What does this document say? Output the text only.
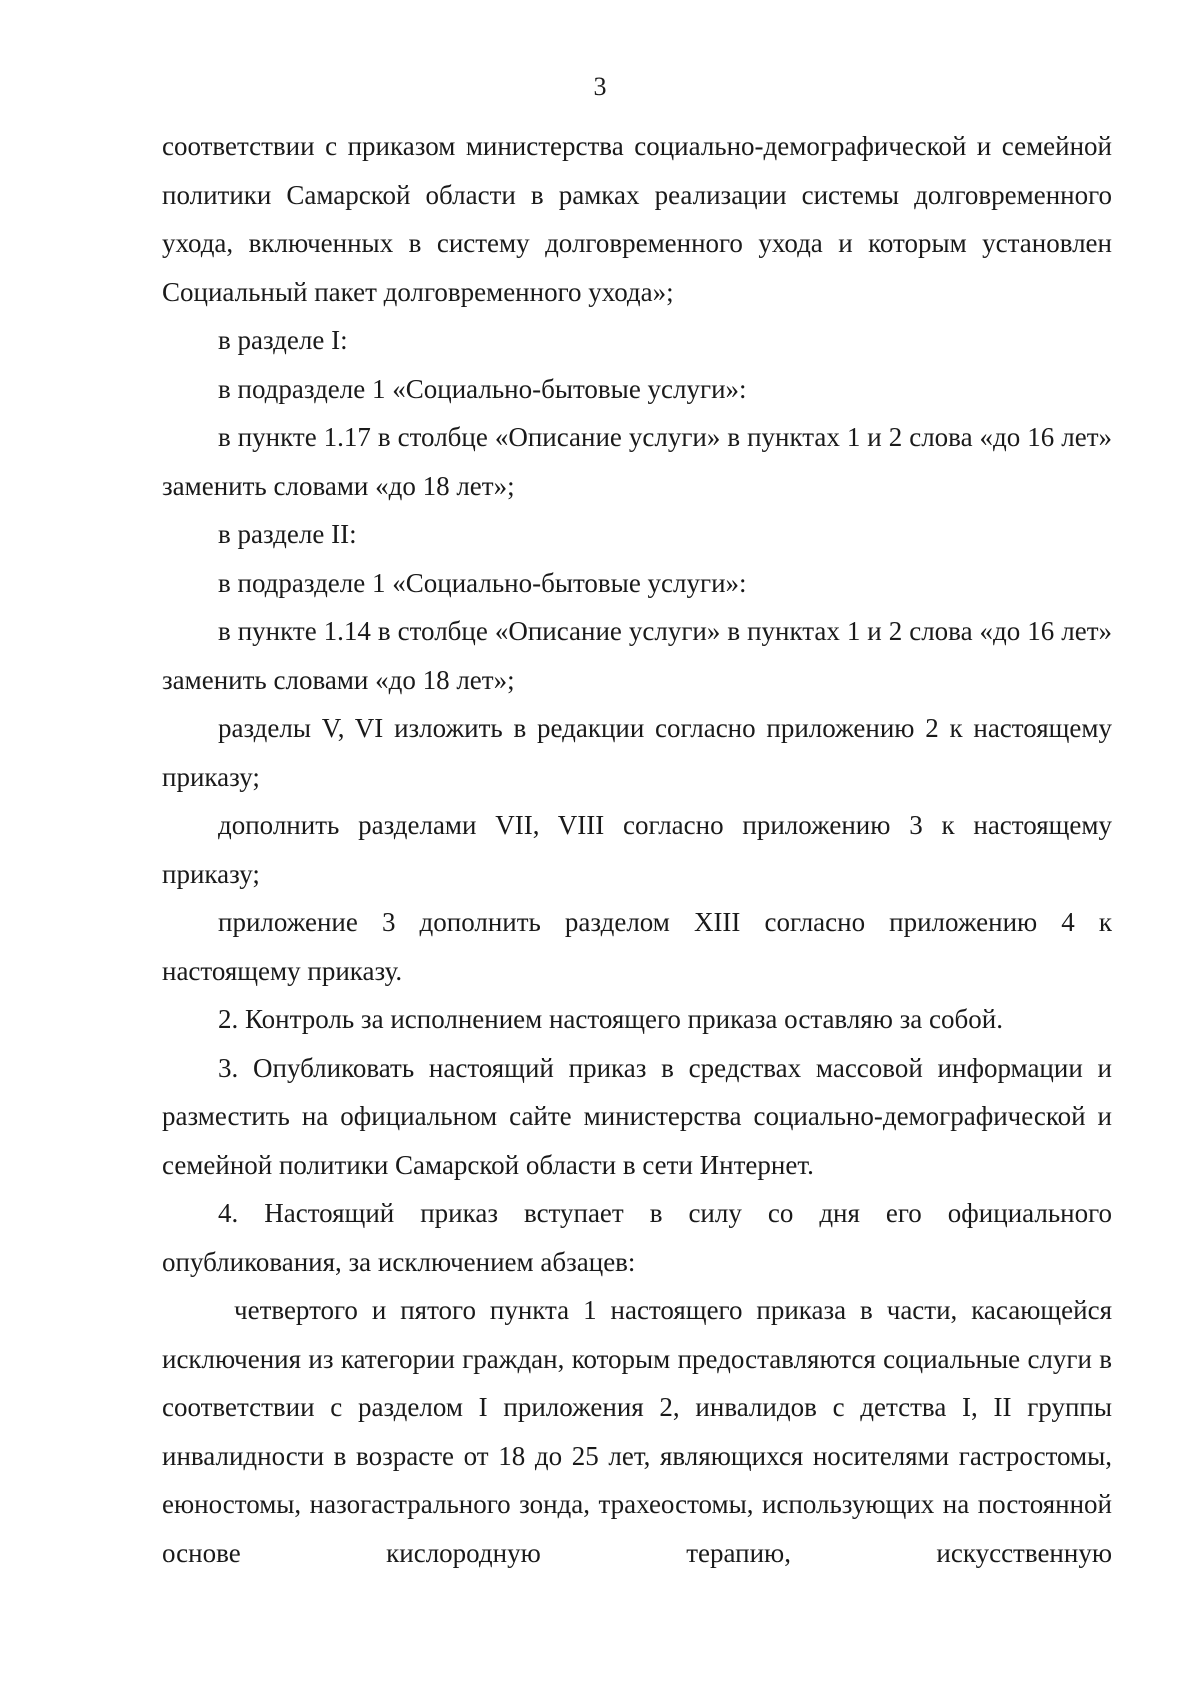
3

соответствии с приказом министерства социально-демографической и семейной политики Самарской области в рамках реализации системы долговременного ухода, включенных в систему долговременного ухода и которым установлен Социальный пакет долговременного ухода»;

в разделе I:

в подразделе 1 «Социально-бытовые услуги»:

в пункте 1.17 в столбце «Описание услуги» в пунктах 1 и 2 слова «до 16 лет» заменить словами «до 18 лет»;

в разделе II:

в подразделе 1 «Социально-бытовые услуги»:

в пункте 1.14 в столбце «Описание услуги» в пунктах 1 и 2 слова «до 16 лет» заменить словами «до 18 лет»;

разделы V, VI изложить в редакции согласно приложению 2 к настоящему приказу;

дополнить разделами VII, VIII согласно приложению 3 к настоящему приказу;

приложение 3 дополнить разделом XIII согласно приложению 4 к настоящему приказу.

2. Контроль за исполнением настоящего приказа оставляю за собой.

3. Опубликовать настоящий приказ в средствах массовой информации и разместить на официальном сайте министерства социально-демографической и семейной политики Самарской области в сети Интернет.

4. Настоящий приказ вступает в силу со дня его официального опубликования, за исключением абзацев:

четвертого и пятого пункта 1 настоящего приказа в части, касающейся исключения из категории граждан, которым предоставляются социальные слуги в соответствии с разделом I приложения 2, инвалидов с детства I, II группы инвалидности в возрасте от 18 до 25 лет, являющихся носителями гастростомы, еюностомы, назогастрального зонда, трахеостомы, использующих на постоянной основе кислородную терапию, искусственную
